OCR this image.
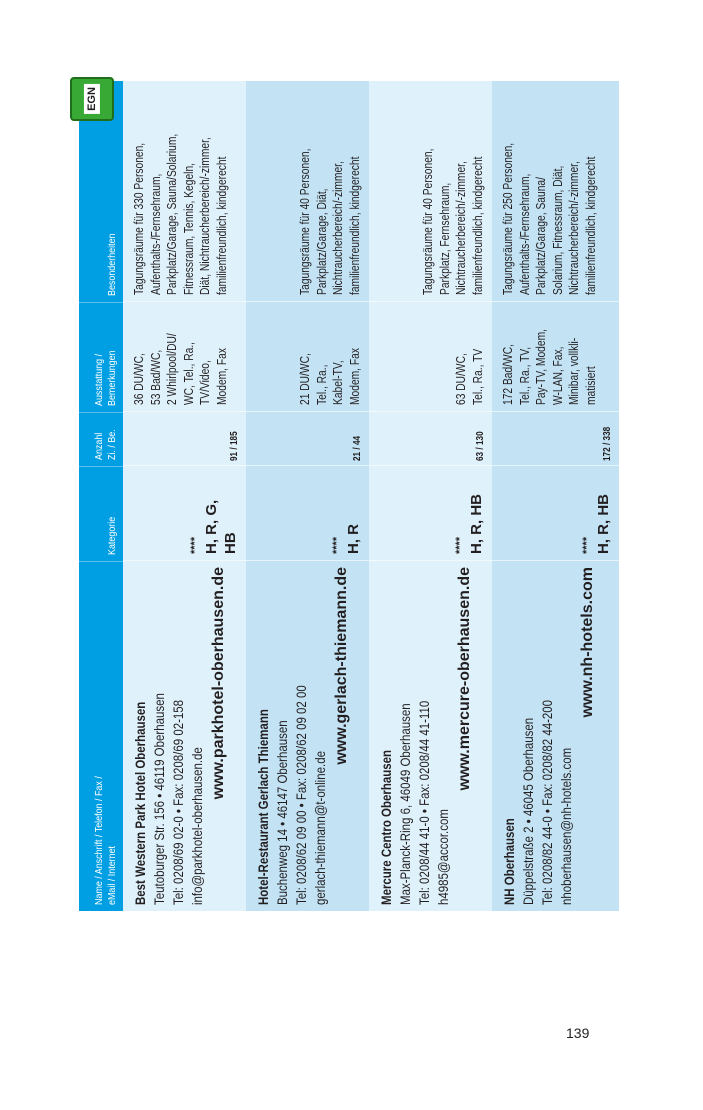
Name / Anschrift / Telefon / Fax / eMail / Internet
Kategorie
Anzahl Zi. / Be.
Ausstattung / Bemerkungen
Besonderheiten
Best Western Park Hotel Oberhausen Teutoburger Str. 156 • 46119 Oberhausen Tel: 0208/69 02-0 • Fax: 0208/69 02-158 info@parkhotel-oberhausen.de
www.parkhotel-oberhausen.de
**** H, R, G, HB
91 / 185
36 DU/WC, 53 Bad/WC, 2 Whirlpool/DU/ WC, Tel., Ra., TV/Video, Modem, Fax
Tagungsräume für 330 Personen, Aufenthalts-/Fernsehraum, Parkplatz/Garage, Sauna/Solarium, Fitnessraum, Tennis, Kegeln, Diät, Nichtraucherbereich/-zimmer, familienfreundlich, kindgerecht
Hotel-Restaurant Gerlach Thiemann Buchenweg 14 • 46147 Oberhausen Tel: 0208/62 09 00 • Fax: 0208/62 09 02 00 gerlach-thiemann@t-online.de
www.gerlach-thiemann.de
**** H, R
21 / 44
21 DU/WC, Tel., Ra., Kabel-TV, Modem, Fax
Tagungsräume für 40 Personen, Parkplatz/Garage, Diät, Nichtraucherbereich/-zimmer, familienfreundlich, kindgerecht
Mercure Centro Oberhausen Max-Planck-Ring 6, 46049 Oberhausen Tel: 0208/44 41-0 • Fax: 0208/44 41-110 h4985@accor.com
www.mercure-oberhausen.de
**** H, R, HB
63 / 130
63 DU/WC, Tel., Ra., TV
Tagungsräume für 40 Personen, Parkplatz, Fernsehraum, Nichtraucherbereich/-zimmer, familienfreundlich, kindgerecht
NH Oberhausen Düppelstraße 2 • 46045 Oberhausen Tel: 0208/82 44-0 • Fax: 0208/82 44-200 nhoberhausen@nh-hotels.com
www.nh-hotels.com
**** H, R, HB
172 / 338
172 Bad/WC, Tel., Ra., TV, Pay-TV, Modem, W-LAN, Fax, Minibar, vollkli- matisiert
Tagungsräume für 250 Personen, Aufenthalts-/Fernsehraum, Parkplatz/Garage, Sauna/ Solarium, Fitnessraum, Diät, Nichtraucherbereich/-zimmer, familienfreundlich, kindgerecht
EGN
139
